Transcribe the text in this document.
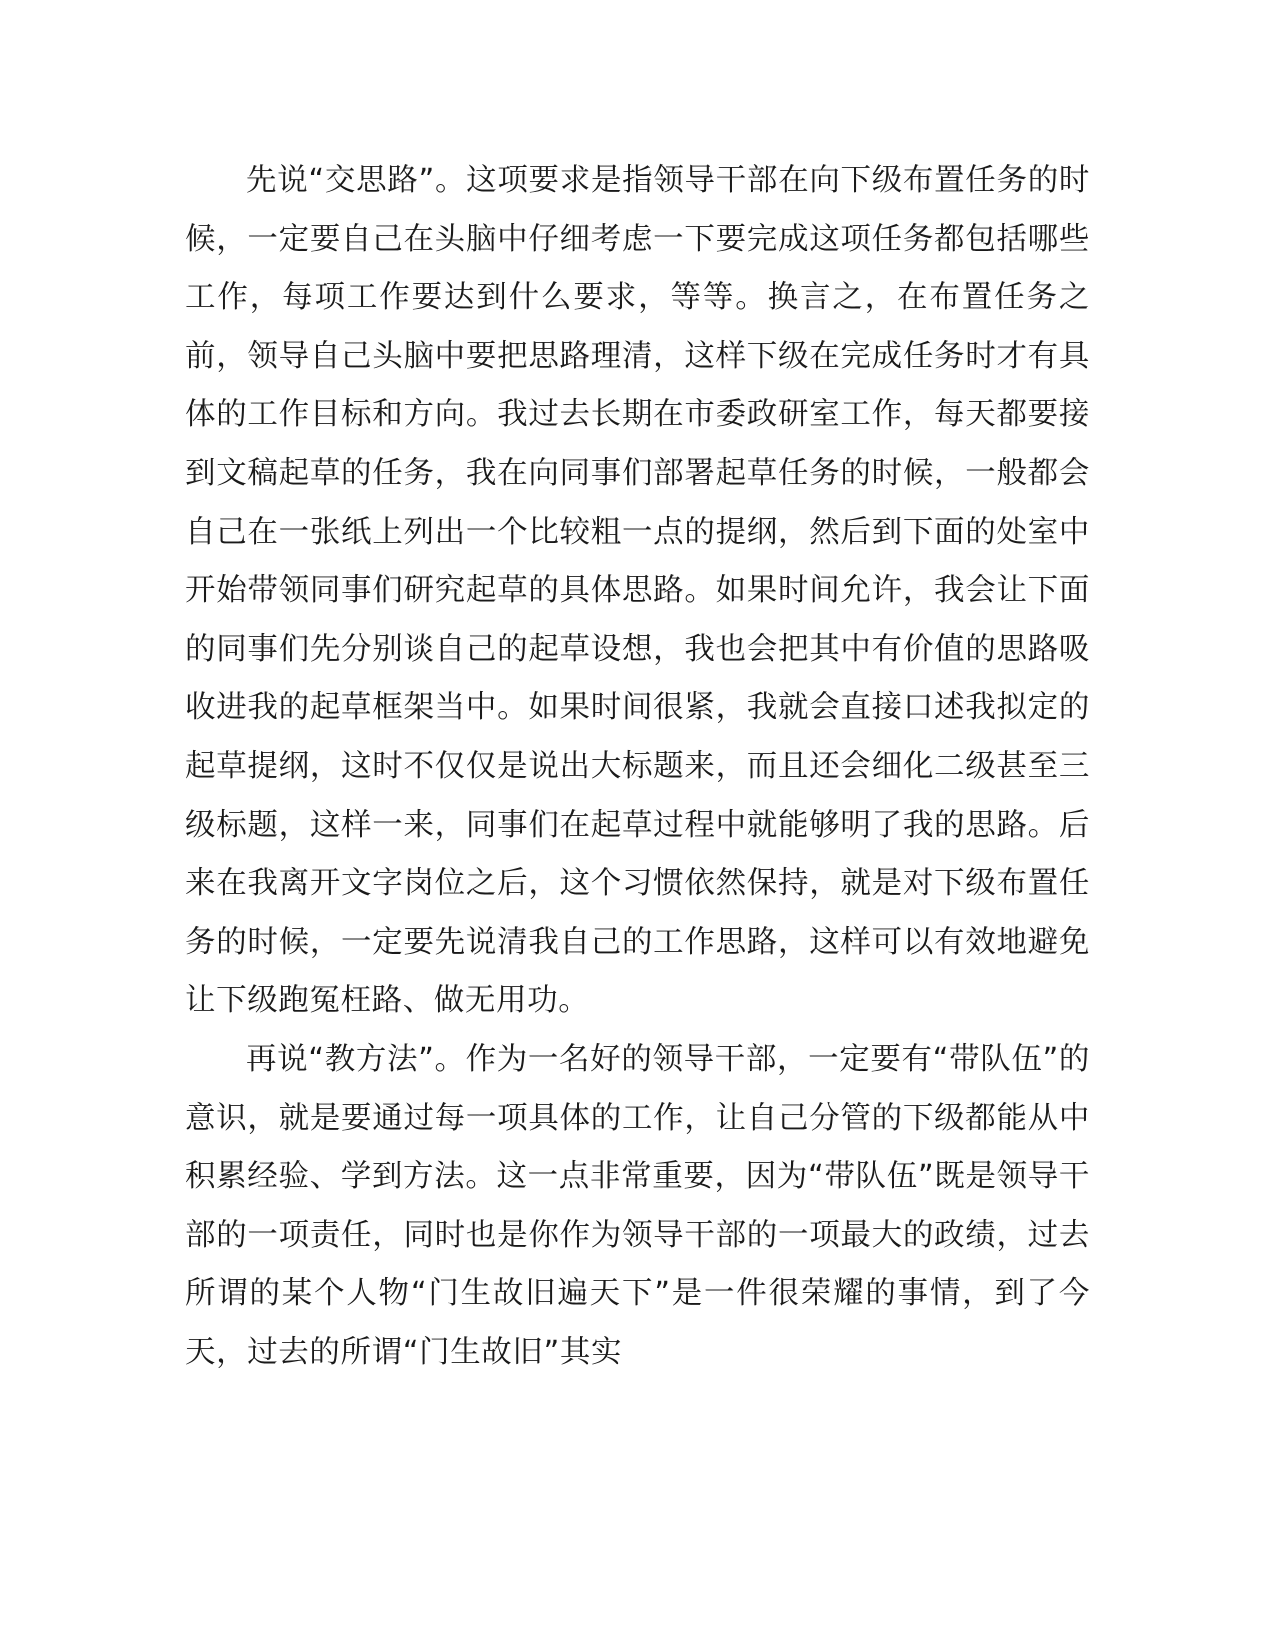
先说“交思路”。这项要求是指领导干部在向下级布置任务的时候，一定要自己在头脑中仔细考虑一下要完成这项任务都包括哪些工作，每项工作要达到什么要求，等等。换言之，在布置任务之前，领导自己头脑中要把思路理清，这样下级在完成任务时才有具体的工作目标和方向。我过去长期在市委政研室工作，每天都要接到文稿起草的任务，我在向同事们部署起草任务的时候，一般都会自己在一张纸上列出一个比较粗一点的提纲，然后到下面的处室中开始带领同事们研究起草的具体思路。如果时间允许，我会让下面的同事们先分别谈自己的起草设想，我也会把其中有价值的思路吸收进我的起草框架当中。如果时间很紧，我就会直接口述我拟定的起草提纲，这时不仅仅是说出大标题来，而且还会细化二级甚至三级标题，这样一来，同事们在起草过程中就能够明了我的思路。后来在我离开文字岗位之后，这个习惯依然保持，就是对下级布置任务的时候，一定要先说清我自己的工作思路，这样可以有效地避免让下级跑冤枉路、做无用功。

再说“教方法”。作为一名好的领导干部，一定要有“带队伍”的意识，就是要通过每一项具体的工作，让自己分管的下级都能从中积累经验、学到方法。这一点非常重要，因为“带队伍”既是领导干部的一项责任，同时也是你作为领导干部的一项最大的政绩，过去所谓的某个人物“门生故旧遍天下”是一件很荣耀的事情，到了今天，过去的所谓“门生故旧”其实
